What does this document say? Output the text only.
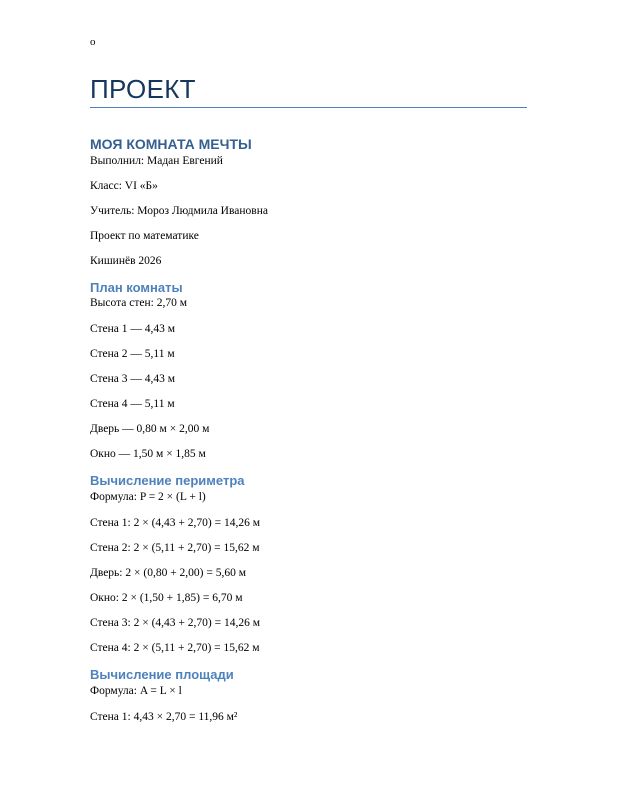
o
ПРОЕКТ
МОЯ КОМНАТА МЕЧТЫ

Выполнил: Мадан Евгений

Класс: VI «Б»

Учитель: Мороз Людмила Ивановна

Проект по математике

Кишинёв 2026

План комнаты

Высота стен: 2,70 м

Стена 1 — 4,43 м

Стена 2 — 5,11 м

Стена 3 — 4,43 м

Стена 4 — 5,11 м

Дверь — 0,80 м × 2,00 м

Окно — 1,50 м × 1,85 м

Вычисление периметра

Формула: P = 2 × (L + l)

Стена 1: 2 × (4,43 + 2,70) = 14,26 м

Стена 2: 2 × (5,11 + 2,70) = 15,62 м

Дверь: 2 × (0,80 + 2,00) = 5,60 м

Окно: 2 × (1,50 + 1,85) = 6,70 м

Стена 3: 2 × (4,43 + 2,70) = 14,26 м

Стена 4: 2 × (5,11 + 2,70) = 15,62 м

Вычисление площади

Формула: A = L × l

Стена 1: 4,43 × 2,70 = 11,96 м²
